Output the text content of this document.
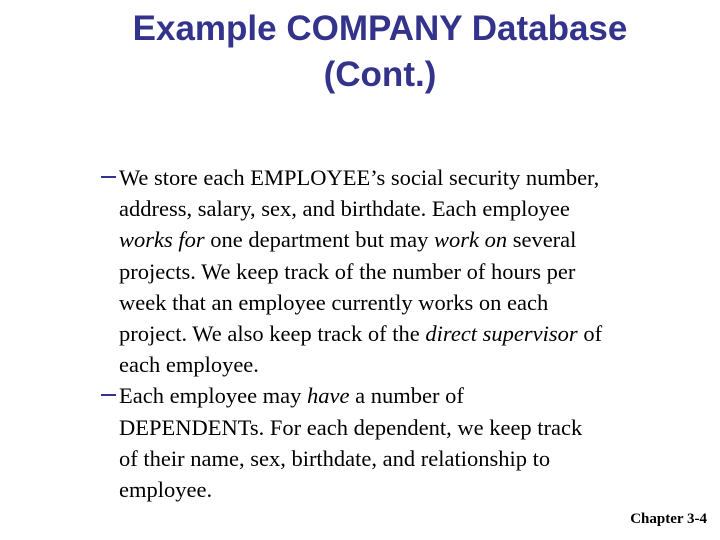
Example COMPANY Database
(Cont.)
We store each EMPLOYEE’s social security number,
address, salary, sex, and birthdate. Each employee
works for one department but may work on several
projects. We keep track of the number of hours per
week that an employee currently works on each
project. We also keep track of the direct supervisor of
each employee.
Each employee may have a number of
DEPENDENTs. For each dependent, we keep track
of their name, sex, birthdate, and relationship to
employee.
Chapter 3-4
